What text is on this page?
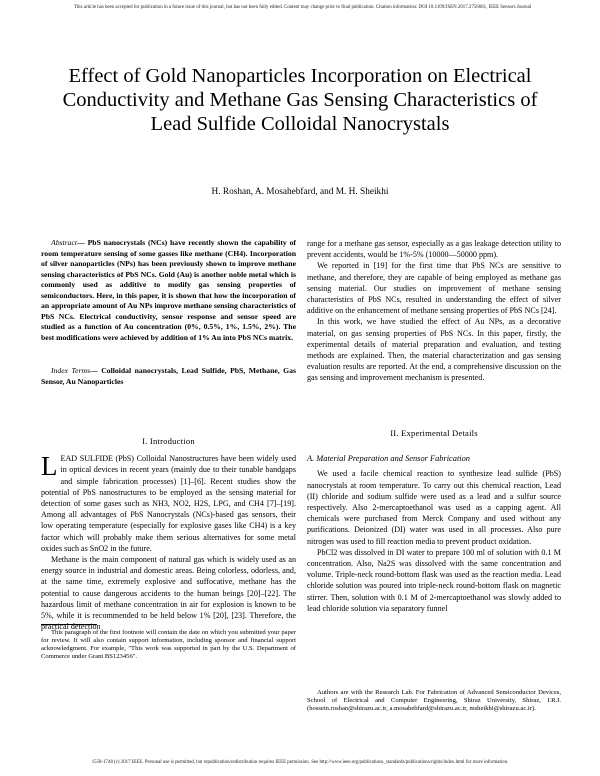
This article has been accepted for publication in a future issue of this journal, but has not been fully edited. Content may change prior to final publication. Citation information: DOI 10.1109/JSEN.2017.2756661, IEEE Sensors Journal
Effect of Gold Nanoparticles Incorporation on Electrical Conductivity and Methane Gas Sensing Characteristics of Lead Sulfide Colloidal Nanocrystals
H. Roshan, A. Mosahebfard, and M. H. Sheikhi
Abstract— PbS nanocrystals (NCs) have recently shown the capability of room temperature sensing of some gasses like methane (CH4). Incorporation of silver nanoparticles (NPs) has been previously shown to improve methane sensing characteristics of PbS NCs. Gold (Au) is another noble metal which is commonly used as additive to modify gas sensing properties of semiconductors. Here, in this paper, it is shown that how the incorporation of an appropriate amount of Au NPs improve methane sensing characteristics of PbS NCs. Electrical conductivity, sensor response and sensor speed are studied as a function of Au concentration (0%, 0.5%, 1%, 1.5%, 2%). The best modifications were achieved by addition of 1% Au into PbS NCs matrix.
Index Terms— Colloidal nanocrystals, Lead Sulfide, PbS, Methane, Gas Sensor, Au Nanoparticles
I. Introduction

LEAD SULFIDE (PbS) Colloidal Nanostructures have been widely used in optical devices in recent years (mainly due to their tunable bandgaps and simple fabrication processes) [1]–[6]. Recent studies show the potential of PbS nanostructures to be employed as the sensing material for detection of some gases such as NH3, NO2, H2S, LPG, and CH4 [7]–[19]. Among all advantages of PbS Nanocrystals (NCs)-based gas sensors, their low operating temperature (especially for explosive gases like CH4) is a key factor which will probably make them serious alternatives for some metal oxides such as SnO2 in the future.

Methane is the main component of natural gas which is widely used as an energy source in industrial and domestic areas. Being colorless, odorless, and, at the same time, extremely explosive and suffocative, methane has the potential to cause dangerous accidents to the human beings [20]–[22]. The hazardous limit of methane concentration in air for explosion is known to be 5%, while it is recommended to be held below 1% [20], [23]. Therefore, the practical detection

range for a methane gas sensor, especially as a gas leakage detection utility to prevent accidents, would be 1%-5% (10000—50000 ppm).

We reported in [19] for the first time that PbS NCs are sensitive to methane, and therefore, they are capable of being employed as methane gas sensing material. Our studies on improvement of methane sensing characteristics of PbS NCs, resulted in understanding the effect of silver additive on the enhancement of methane sensing properties of PbS NCs [24].

In this work, we have studied the effect of Au NPs, as a decorative material, on gas sensing properties of PbS NCs. In this paper, firstly, the experimental details of material preparation and evaluation, and testing methods are explained. Then, the material characterization and gas sensing evaluation results are reported. At the end, a comprehensive discussion on the gas sensing and improvement mechanism is presented.

II. Experimental Details
A. Material Preparation and Sensor Fabrication

We used a facile chemical reaction to synthesize lead sulfide (PbS) nanocrystals at room temperature. To carry out this chemical reaction, Lead (II) chloride and sodium sulfide were used as a lead and a sulfur source respectively. Also 2-mercaptoethanol was used as a capping agent. All chemicals were purchased from Merck Company and used without any purifications. Deionized (DI) water was used in all processes. Also pure nitrogen was used to fill reaction media to prevent product oxidation.

PbCl2 was dissolved in DI water to prepare 100 ml of solution with 0.1 M concentration. Also, Na2S was dissolved with the same concentration and volume. Triple-neck round-bottom flask was used as the reaction media. Lead chloride solution was poured into triple-neck round-bottom flask on magnetic stirrer. Then, solution with 0.1 M of 2-mercaptoethanol was slowly added to lead chloride solution via separatory funnel

This paragraph of the first footnote will contain the date on which you submitted your paper for review. It will also contain support information, including sponsor and financial support acknowledgment. For example, "This work was supported in part by the U.S. Department of Commerce under Grant BS123456".

Authors are with the Research Lab. For Fabrication of Advanced Semiconductor Devices, School of Electrical and Computer Engineering, Shiraz University, Shiraz, I.R.I. (hossein.roshan@shirazu.ac.ir, a.mosahebfard@shirazu.ac.ir, msheikhi@shirazu.ac.ir).

1558-1748 (c) 2017 IEEE. Personal use is permitted, but republication/redistribution requires IEEE permission. See http://www.ieee.org/publications_standards/publications/rights/index.html for more information.
